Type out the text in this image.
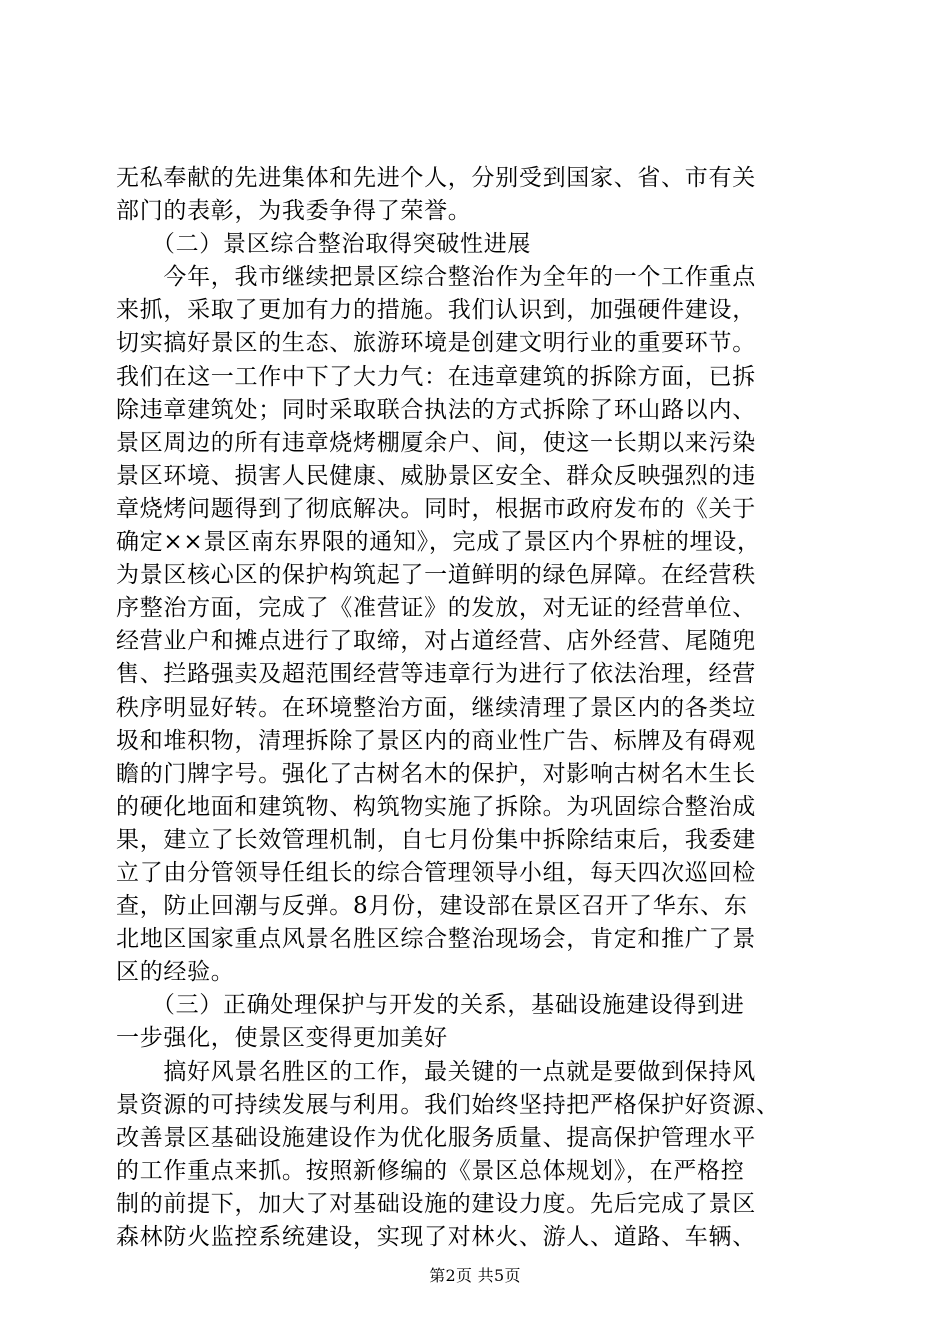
无私奉献的先进集体和先进个人，分别受到国家、省、市有关
部门的表彰，为我委争得了荣誉。
　　（二）景区综合整治取得突破性进展
　　今年，我市继续把景区综合整治作为全年的一个工作重点
来抓，采取了更加有力的措施。我们认识到，加强硬件建设，
切实搞好景区的生态、旅游环境是创建文明行业的重要环节。
我们在这一工作中下了大力气：在违章建筑的拆除方面，已拆
除违章建筑处；同时采取联合执法的方式拆除了环山路以内、
景区周边的所有违章烧烤棚厦余户、间，使这一长期以来污染
景区环境、损害人民健康、威胁景区安全、群众反映强烈的违
章烧烤问题得到了彻底解决。同时，根据市政府发布的《关于
确定××景区南东界限的通知》，完成了景区内个界桩的埋设，
为景区核心区的保护构筑起了一道鲜明的绿色屏障。在经营秩
序整治方面，完成了《准营证》的发放，对无证的经营单位、
经营业户和摊点进行了取缔，对占道经营、店外经营、尾随兜
售、拦路强卖及超范围经营等违章行为进行了依法治理，经营
秩序明显好转。在环境整治方面，继续清理了景区内的各类垃
圾和堆积物，清理拆除了景区内的商业性广告、标牌及有碍观
瞻的门牌字号。强化了古树名木的保护，对影响古树名木生长
的硬化地面和建筑物、构筑物实施了拆除。为巩固综合整治成
果，建立了长效管理机制，自七月份集中拆除结束后，我委建
立了由分管领导任组长的综合管理领导小组，每天四次巡回检
查，防止回潮与反弹。8月份，建设部在景区召开了华东、东
北地区国家重点风景名胜区综合整治现场会，肯定和推广了景
区的经验。
　　（三）正确处理保护与开发的关系，基础设施建设得到进
一步强化，使景区变得更加美好
　　搞好风景名胜区的工作，最关键的一点就是要做到保持风
景资源的可持续发展与利用。我们始终坚持把严格保护好资源、
改善景区基础设施建设作为优化服务质量、提高保护管理水平
的工作重点来抓。按照新修编的《景区总体规划》，在严格控
制的前提下，加大了对基础设施的建设力度。先后完成了景区
森林防火监控系统建设，实现了对林火、游人、道路、车辆、
第2页 共5页
